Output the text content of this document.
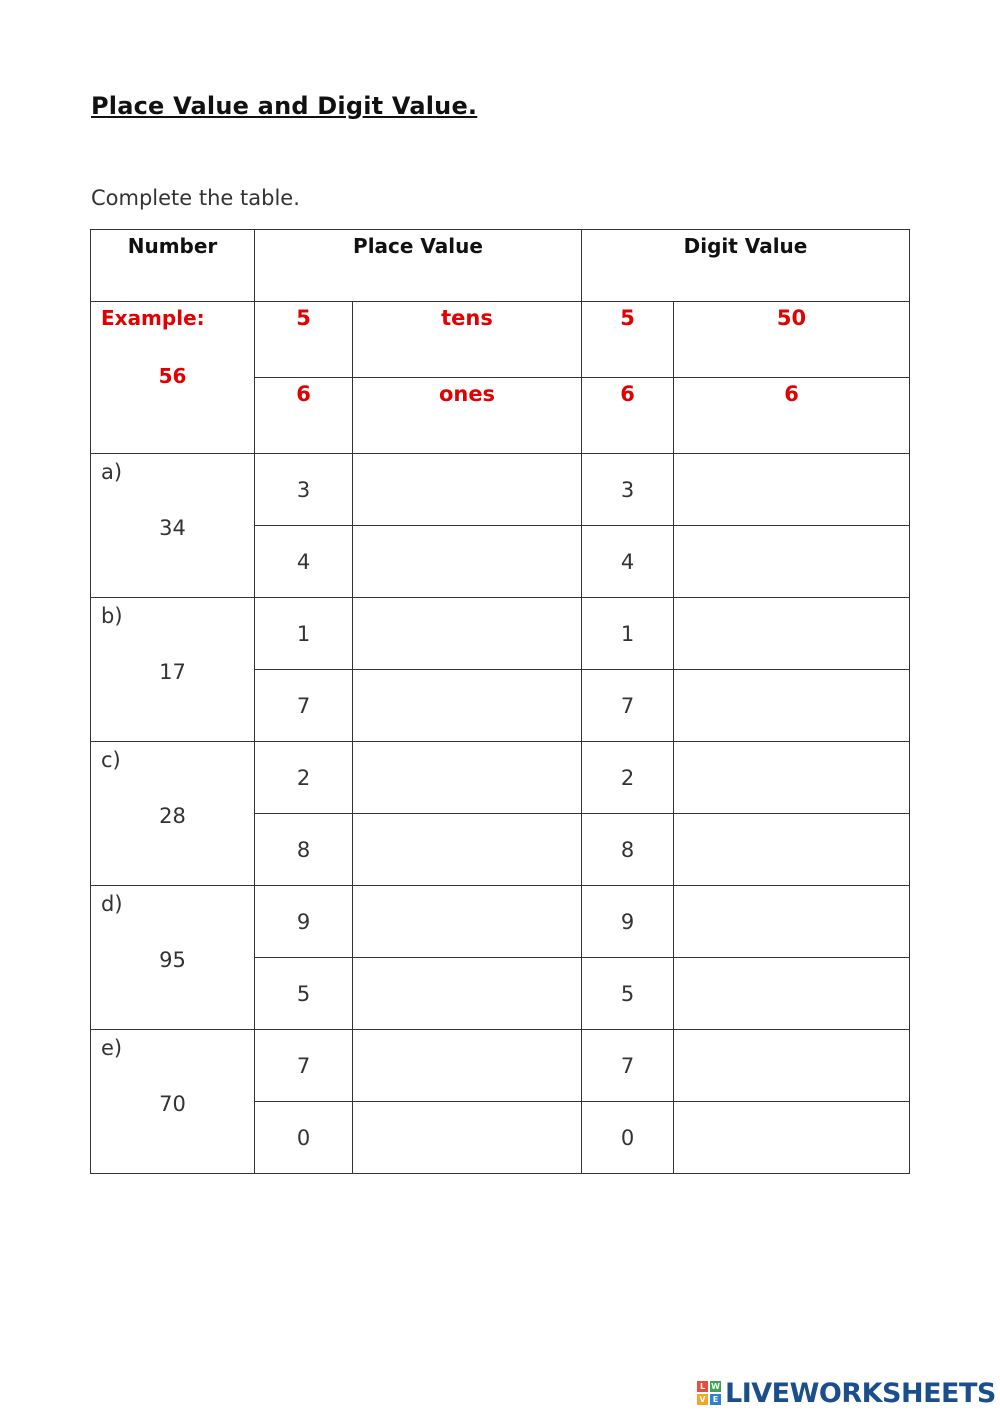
Place Value and Digit Value.
Complete the table.
Number	Place Value		Digit Value	

Example:
56	5	tens	5	50
	6	ones	6	6

a)
34	3		3	
	4		4	

b)
17	1		1	
	7		7	

c)
28	2		2	
	8		8	

d)
95	9		9	
	5		5	

e)
70	7		7	
	0		0	
L W
V E LIVEWORKSHEETS
